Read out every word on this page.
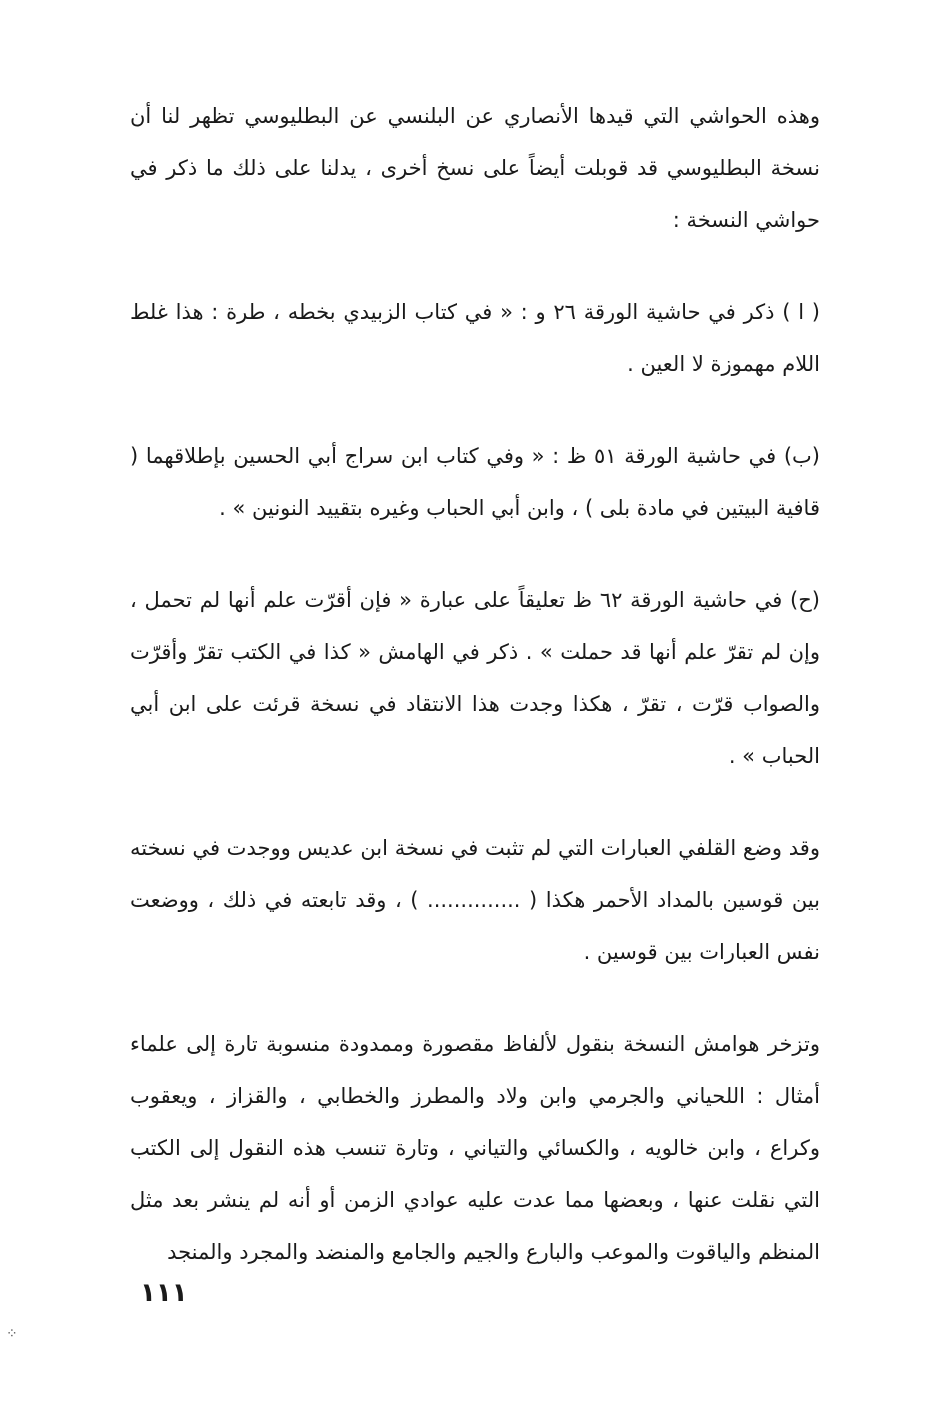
وهذه الحواشي التي قيدها الأنصاري عن البلنسي عن البطليوسي تظهر لنا أن نسخة البطليوسي قد قوبلت أيضاً على نسخ أخرى ، يدلنا على ذلك ما ذكر في حواشي النسخة :

( ا ) ذكر في حاشية الورقة ٢٦ و : « في كتاب الزبيدي بخطه ، طرة : هذا غلط اللام مهموزة لا العين .

(ب) في حاشية الورقة ٥١ ظ : « وفي كتاب ابن سراج أبي الحسين بإطلاقهما ( قافية البيتين في مادة بلى ) ، وابن أبي الحباب وغيره بتقييد النونين » .

(ح) في حاشية الورقة ٦٢ ظ تعليقاً على عبارة « فإن أقرّت علم أنها لم تحمل ، وإن لم تقرّ علم أنها قد حملت » . ذكر في الهامش « كذا في الكتب تقرّ وأقرّت والصواب قرّت ، تقرّ ، هكذا وجدت هذا الانتقاد في نسخة قرئت على ابن أبي الحباب » .

وقد وضع القلفي العبارات التي لم تثبت في نسخة ابن عديس ووجدت في نسخته بين قوسين بالمداد الأحمر هكذا ( .............. ) ، وقد تابعته في ذلك ، ووضعت نفس العبارات بين قوسين .

وتزخر هوامش النسخة بنقول لألفاظ مقصورة وممدودة منسوبة تارة إلى علماء أمثال : اللحياني والجرمي وابن ولاد والمطرز والخطابي ، والقزاز ، ويعقوب وكراع ، وابن خالويه ، والكسائي والتياني ، وتارة تنسب هذه النقول إلى الكتب التي نقلت عنها ، وبعضها مما عدت عليه عوادي الزمن أو أنه لم ينشر بعد مثل المنظم والياقوت والموعب والبارع والجيم والجامع والمنضد والمجرد والمنجد

١١١
⁘
